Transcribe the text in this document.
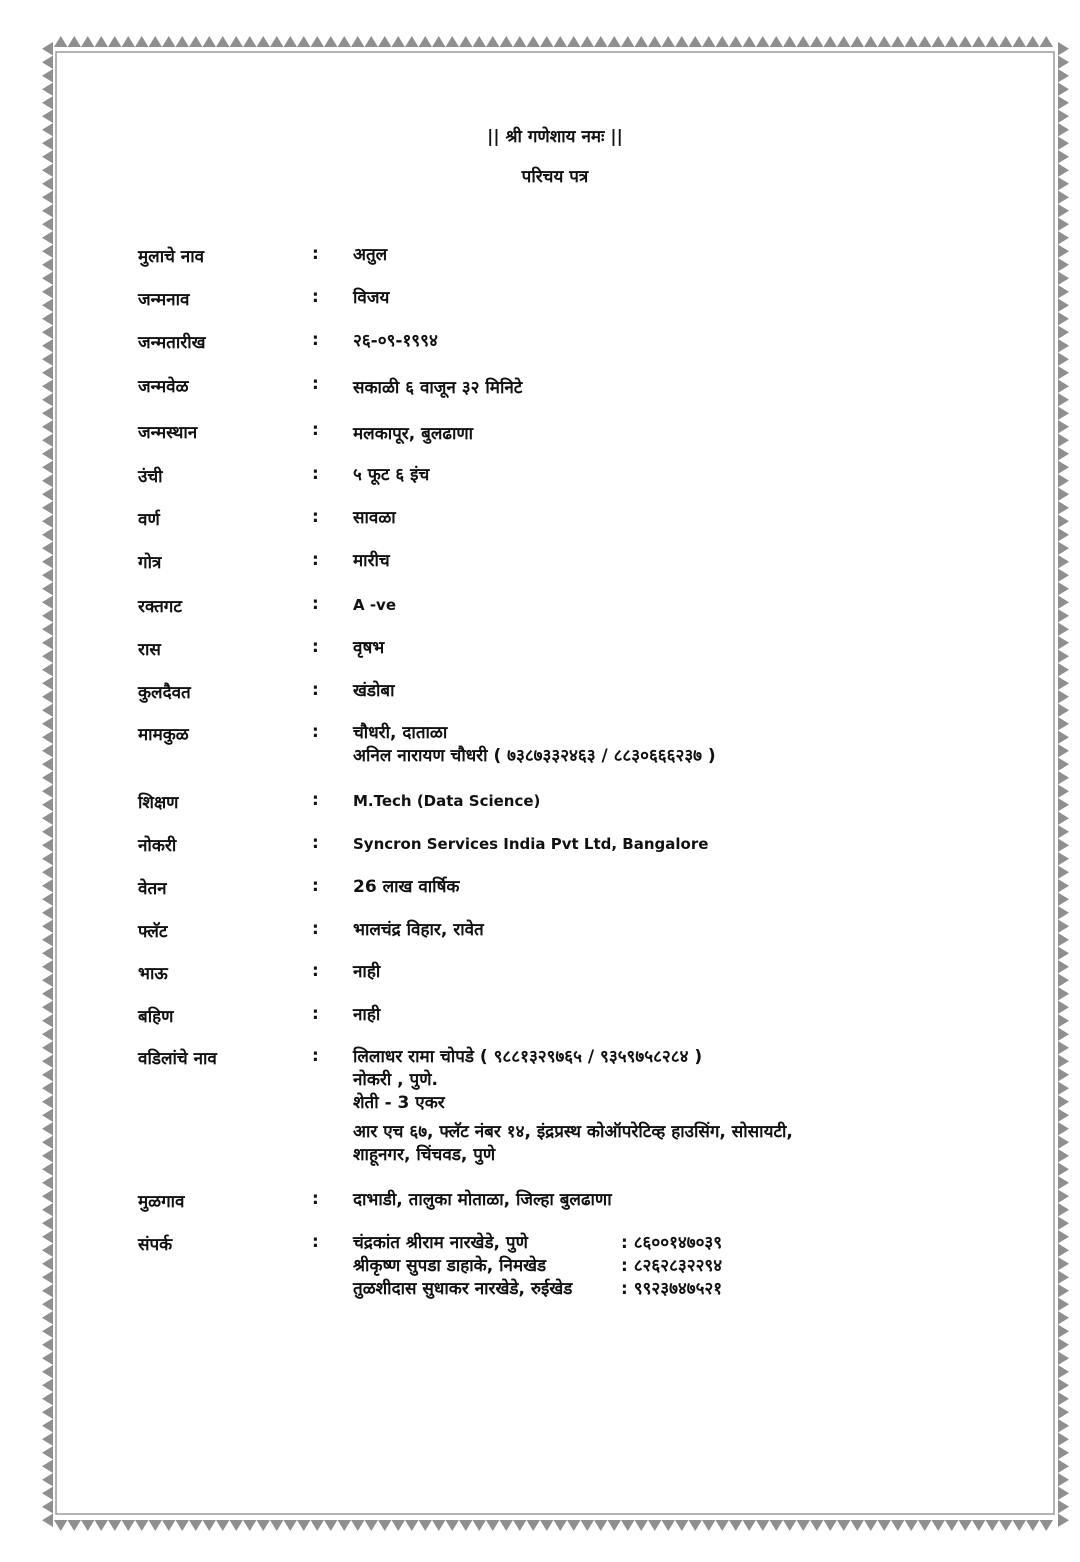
|| श्री गणेशाय नमः ||
परिचय पत्र
मुलाचे नाव	: अतुल
जन्मनाव	: विजय
जन्मतारीख	: २६-०९-१९९४
जन्मवेळ	: सकाळी ६ वाजून ३२ मिनिटे
जन्मस्थान	: मलकापूर, बुलढाणा
उंची	: ५ फूट ६ इंच
वर्ण	: सावळा
गोत्र	: मारीच
रक्तगट	: A -ve
रास	: वृषभ
कुलदैवत	: खंडोबा
मामकुळ	: चौधरी, दाताळा
अनिल नारायण चौधरी ( ७३८७३३२४६३ / ८८३०६६६२३७ )
शिक्षण	: M.Tech (Data Science)
नोकरी	: Syncron Services India Pvt Ltd, Bangalore
वेतन	: 26 लाख वार्षिक
फ्लॅट	: भालचंद्र विहार, रावेत
भाऊ	: नाही
बहिण	: नाही
वडिलांचे नाव	: लिलाधर रामा चोपडे ( ९८८१३२९७६५ / ९३५९७५८२८४ )
नोकरी , पुणे.
शेती - 3 एकर
आर एच ६७, फ्लॅट नंबर १४, इंद्रप्रस्थ कोऑपरेटिव्ह हाउसिंग, सोसायटी,
शाहूनगर, चिंचवड, पुणे
मुळगाव	: दाभाडी, तालुका मोताळा, जिल्हा बुलढाणा
संपर्क	: चंद्रकांत श्रीराम नारखेडे, पुणे	: ८६००१४७०३९
श्रीकृष्ण सुपडा डाहाके, निमखेड	: ८२६२८३२२९४
तुळशीदास सुधाकर नारखेडे, रुईखेड	: ९९२३७४७५२१
